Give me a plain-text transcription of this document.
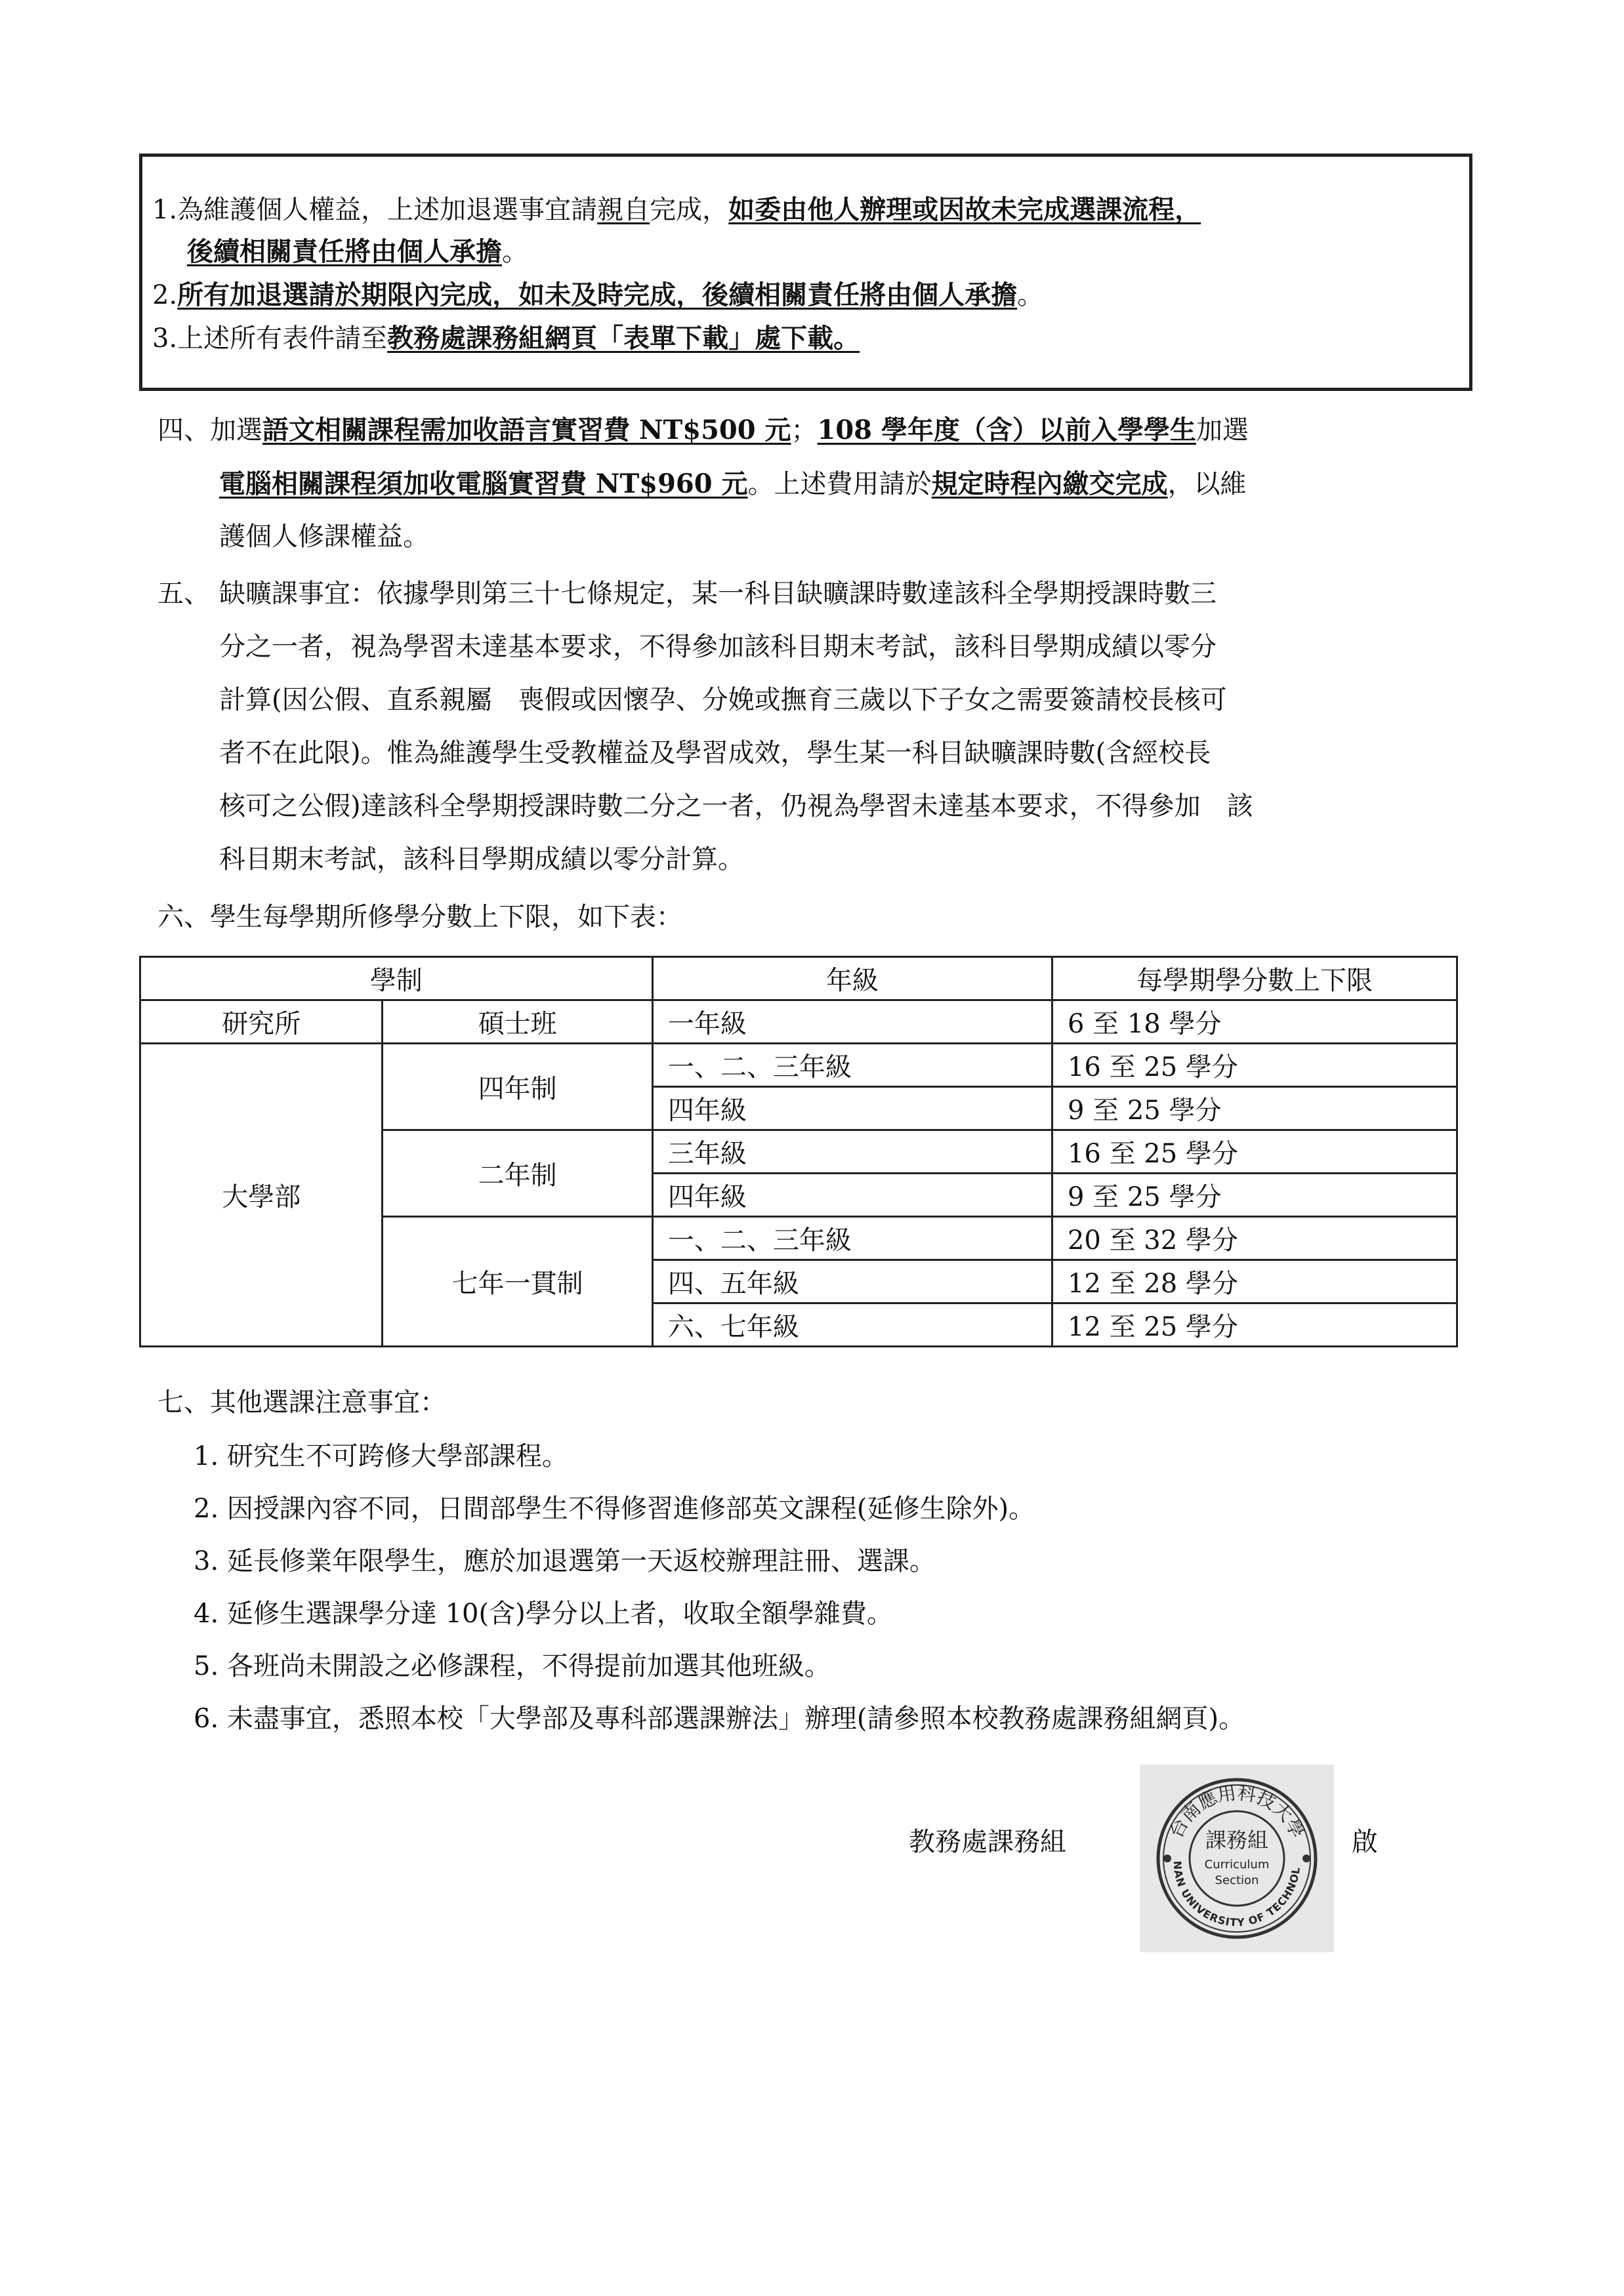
1.為維護個人權益，上述加退選事宜請親自完成，如委由他人辦理或因故未完成選課流程，
後續相關責任將由個人承擔。
2.所有加退選請於期限內完成，如未及時完成，後續相關責任將由個人承擔。
3.上述所有表件請至教務處課務組網頁「表單下載」處下載。
四、加選語文相關課程需加收語言實習費 NT$500 元；108 學年度（含）以前入學學生加選
電腦相關課程須加收電腦實習費 NT$960 元。上述費用請於規定時程內繳交完成，以維
護個人修課權益。
五、 缺曠課事宜：依據學則第三十七條規定，某一科目缺曠課時數達該科全學期授課時數三
分之一者，視為學習未達基本要求，不得參加該科目期末考試，該科目學期成績以零分
計算(因公假、直系親屬　喪假或因懷孕、分娩或撫育三歲以下子女之需要簽請校長核可
者不在此限)。惟為維護學生受教權益及學習成效，學生某一科目缺曠課時數(含經校長
核可之公假)達該科全學期授課時數二分之一者，仍視為學習未達基本要求，不得參加　該
科目期末考試，該科目學期成績以零分計算。
六、學生每學期所修學分數上下限，如下表：
學制		年級	每學期學分數上下限
研究所	碩士班	一年級	6 至 18 學分
大學部	四年制	一、二、三年級	16 至 25 學分
		四年級	9 至 25 學分
	二年制	三年級	16 至 25 學分
		四年級	9 至 25 學分
	七年一貫制	一、二、三年級	20 至 32 學分
		四、五年級	12 至 28 學分
		六、七年級	12 至 25 學分
七、其他選課注意事宜：
1. 研究生不可跨修大學部課程。
2. 因授課內容不同，日間部學生不得修習進修部英文課程(延修生除外)。
3. 延長修業年限學生，應於加退選第一天返校辦理註冊、選課。
4. 延修生選課學分達 10(含)學分以上者，收取全額學雜費。
5. 各班尚未開設之必修課程，不得提前加選其他班級。
6. 未盡事宜，悉照本校「大學部及專科部選課辦法」辦理(請參照本校教務處課務組網頁)。
教務處課務組	啟
台南應用科技大學
NAN UNIVERSITY OF TECHNOL
課務組
Curriculum
Section
